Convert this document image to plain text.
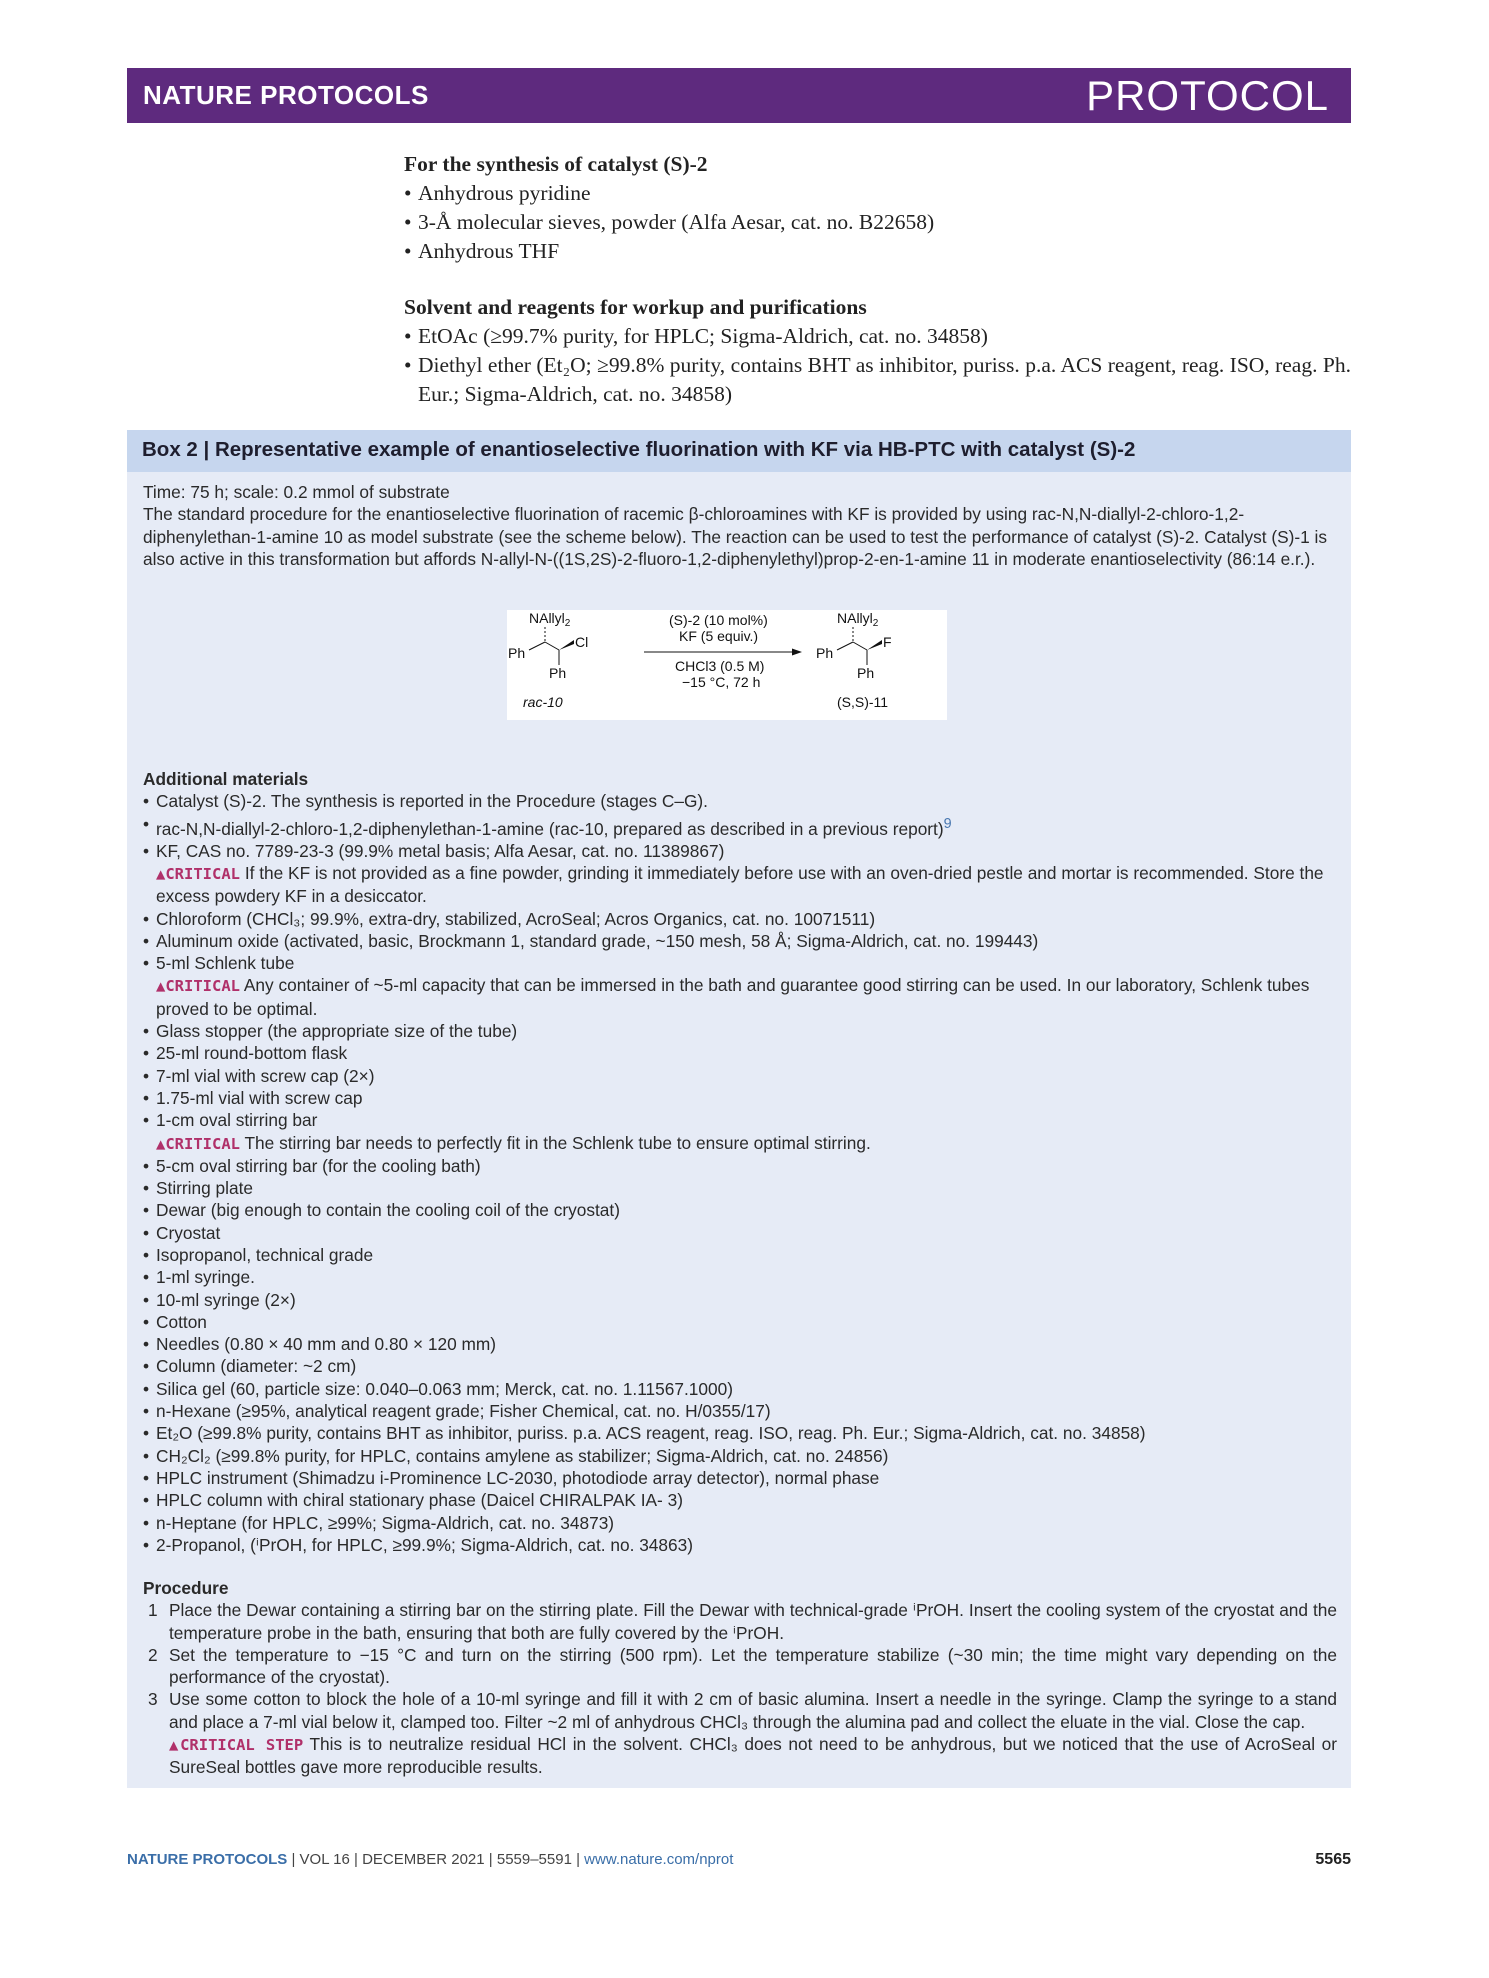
NATURE PROTOCOLS	PROTOCOL
For the synthesis of catalyst (S)-2
• Anhydrous pyridine
• 3-Å molecular sieves, powder (Alfa Aesar, cat. no. B22658)
• Anhydrous THF
Solvent and reagents for workup and purifications
• EtOAc (≥99.7% purity, for HPLC; Sigma-Aldrich, cat. no. 34858)
• Diethyl ether (Et₂O; ≥99.8% purity, contains BHT as inhibitor, puriss. p.a. ACS reagent, reag. ISO, reag. Ph. Eur.; Sigma-Aldrich, cat. no. 34858)
Box 2 | Representative example of enantioselective fluorination with KF via HB-PTC with catalyst (S)-2

Time: 75 h; scale: 0.2 mmol of substrate

The standard procedure for the enantioselective fluorination of racemic β-chloroamines with KF is provided by using rac-N,N-diallyl-2-chloro-1,2-diphenylethan-1-amine 10 as model substrate (see the scheme below). The reaction can be used to test the performance of catalyst (S)-2. Catalyst (S)-1 is also active in this transformation but affords N-allyl-N-((1S,2S)-2-fluoro-1,2-diphenylethyl)prop-2-en-1-amine 11 in moderate enantioselectivity (86:14 e.r.).

NAllyl$_2$
Ph
Cl
Ph
rac-10
(S)-2 (10 mol%)
KF (5 equiv.)
CHCl3 (0.5 M)
−15 °C, 72 h
NAllyl$_2$
Ph
F
Ph
(S,S)-11
Additional materials
• Catalyst (S)-2. The synthesis is reported in the Procedure (stages C–G).
• rac-N,N-diallyl-2-chloro-1,2-diphenylethan-1-amine (rac-10, prepared as described in a previous report)$^9$
• KF, CAS no. 7789-23-3 (99.9% metal basis; Alfa Aesar, cat. no. 11389867)
▲CRITICAL If the KF is not provided as a fine powder, grinding it immediately before use with an oven-dried pestle and mortar is recommended. Store the excess powdery KF in a desiccator.
• Chloroform (CHCl₃; 99.9%, extra-dry, stabilized, AcroSeal; Acros Organics, cat. no. 10071511)
• Aluminum oxide (activated, basic, Brockmann 1, standard grade, ~150 mesh, 58 Å; Sigma-Aldrich, cat. no. 199443)
• 5-ml Schlenk tube
▲CRITICAL Any container of ~5-ml capacity that can be immersed in the bath and guarantee good stirring can be used. In our laboratory, Schlenk tubes proved to be optimal.
• Glass stopper (the appropriate size of the tube)
• 25-ml round-bottom flask
• 7-ml vial with screw cap (2×)
• 1.75-ml vial with screw cap
• 1-cm oval stirring bar
▲CRITICAL The stirring bar needs to perfectly fit in the Schlenk tube to ensure optimal stirring.
• 5-cm oval stirring bar (for the cooling bath)
• Stirring plate
• Dewar (big enough to contain the cooling coil of the cryostat)
• Cryostat
• Isopropanol, technical grade
• 1-ml syringe.
• 10-ml syringe (2×)
• Cotton
• Needles (0.80 × 40 mm and 0.80 × 120 mm)
• Column (diameter: ~2 cm)
• Silica gel (60, particle size: 0.040–0.063 mm; Merck, cat. no. 1.11567.1000)
• n-Hexane (≥95%, analytical reagent grade; Fisher Chemical, cat. no. H/0355/17)
• Et₂O (≥99.8% purity, contains BHT as inhibitor, puriss. p.a. ACS reagent, reag. ISO, reag. Ph. Eur.; Sigma-Aldrich, cat. no. 34858)
• CH₂Cl₂ (≥99.8% purity, for HPLC, contains amylene as stabilizer; Sigma-Aldrich, cat. no. 24856)
• HPLC instrument (Shimadzu i-Prominence LC-2030, photodiode array detector), normal phase
• HPLC column with chiral stationary phase (Daicel CHIRALPAK IA- 3)
• n-Heptane (for HPLC, ≥99%; Sigma-Aldrich, cat. no. 34873)
• 2-Propanol, (ⁱPrOH, for HPLC, ≥99.9%; Sigma-Aldrich, cat. no. 34863)
Procedure
1 Place the Dewar containing a stirring bar on the stirring plate. Fill the Dewar with technical-grade ⁱPrOH. Insert the cooling system of the cryostat and the temperature probe in the bath, ensuring that both are fully covered by the ⁱPrOH.
2 Set the temperature to −15 °C and turn on the stirring (500 rpm). Let the temperature stabilize (~30 min; the time might vary depending on the performance of the cryostat).
3 Use some cotton to block the hole of a 10-ml syringe and fill it with 2 cm of basic alumina. Insert a needle in the syringe. Clamp the syringe to a stand and place a 7-ml vial below it, clamped too. Filter ~2 ml of anhydrous CHCl₃ through the alumina pad and collect the eluate in the vial. Close the cap.
▲CRITICAL STEP This is to neutralize residual HCl in the solvent. CHCl₃ does not need to be anhydrous, but we noticed that the use of AcroSeal or SureSeal bottles gave more reproducible results.
NATURE PROTOCOLS | VOL 16 | DECEMBER 2021 | 5559–5591 | www.nature.com/nprot	5565
